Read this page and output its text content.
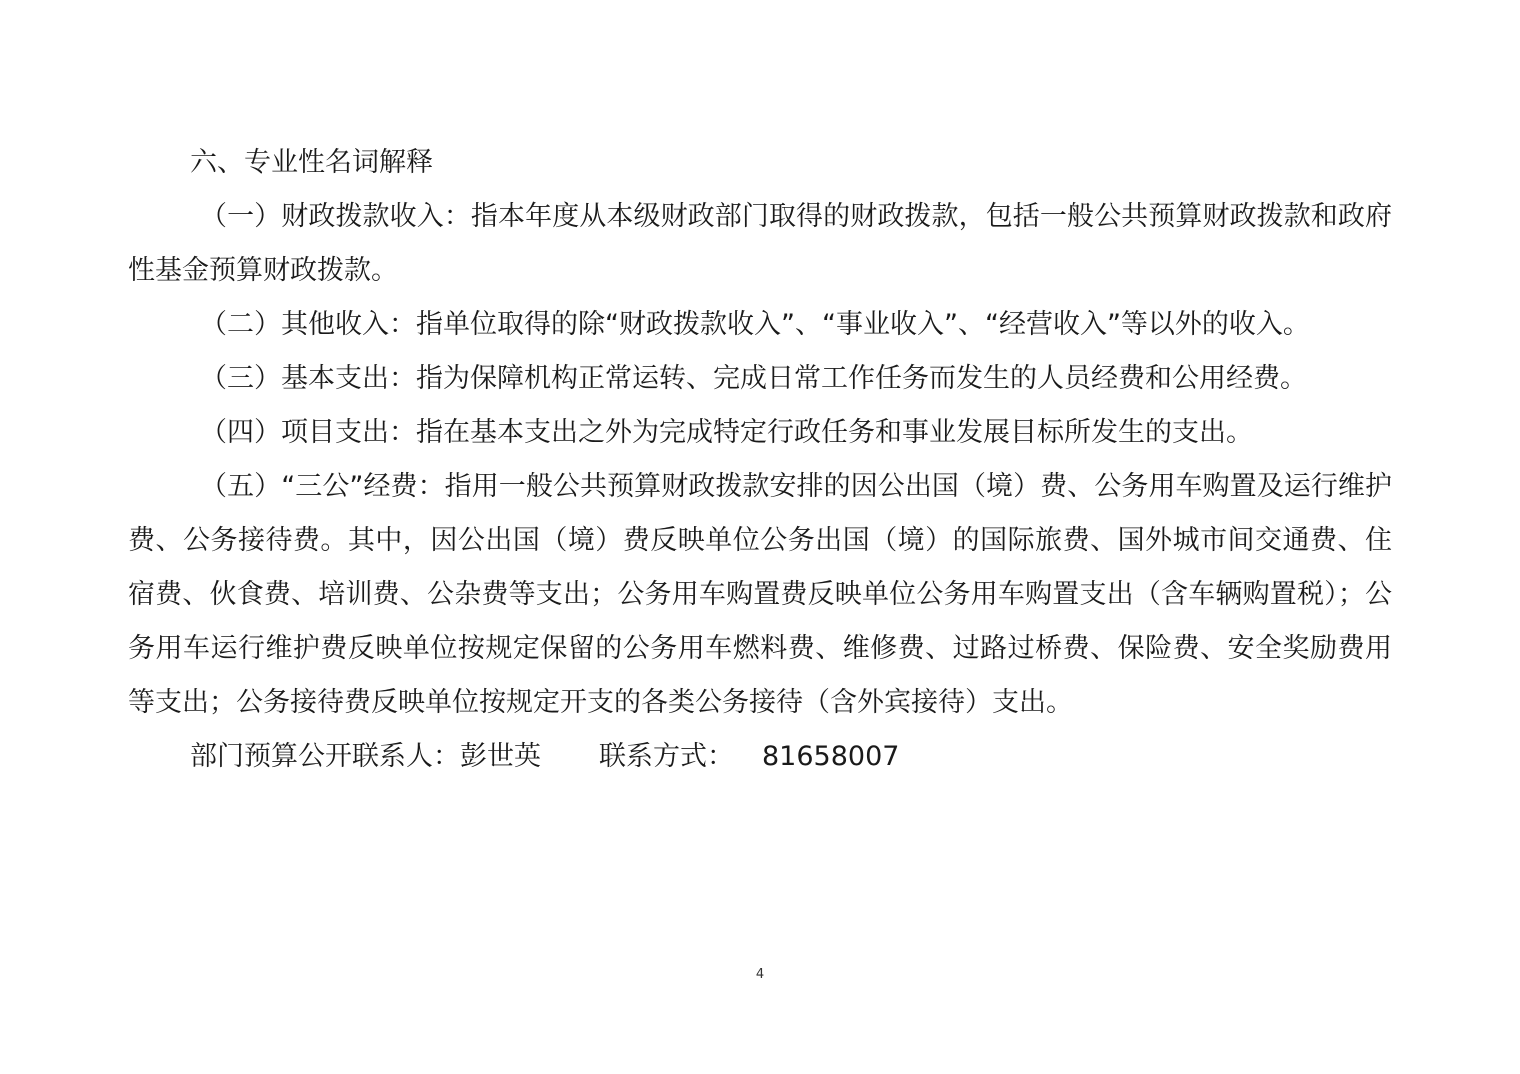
六、专业性名词解释

（一）财政拨款收入：指本年度从本级财政部门取得的财政拨款，包括一般公共预算财政拨款和政府性基金预算财政拨款。

（二）其他收入：指单位取得的除“财政拨款收入”、“事业收入”、“经营收入”等以外的收入。

（三）基本支出：指为保障机构正常运转、完成日常工作任务而发生的人员经费和公用经费。

（四）项目支出：指在基本支出之外为完成特定行政任务和事业发展目标所发生的支出。

（五）“三公”经费：指用一般公共预算财政拨款安排的因公出国（境）费、公务用车购置及运行维护费、公务接待费。其中，因公出国（境）费反映单位公务出国（境）的国际旅费、国外城市间交通费、住宿费、伙食费、培训费、公杂费等支出；公务用车购置费反映单位公务用车购置支出（含车辆购置税）；公务用车运行维护费反映单位按规定保留的公务用车燃料费、维修费、过路过桥费、保险费、安全奖励费用等支出；公务接待费反映单位按规定开支的各类公务接待（含外宾接待）支出。

部门预算公开联系人：彭世英 联系方式： 81658007

4
